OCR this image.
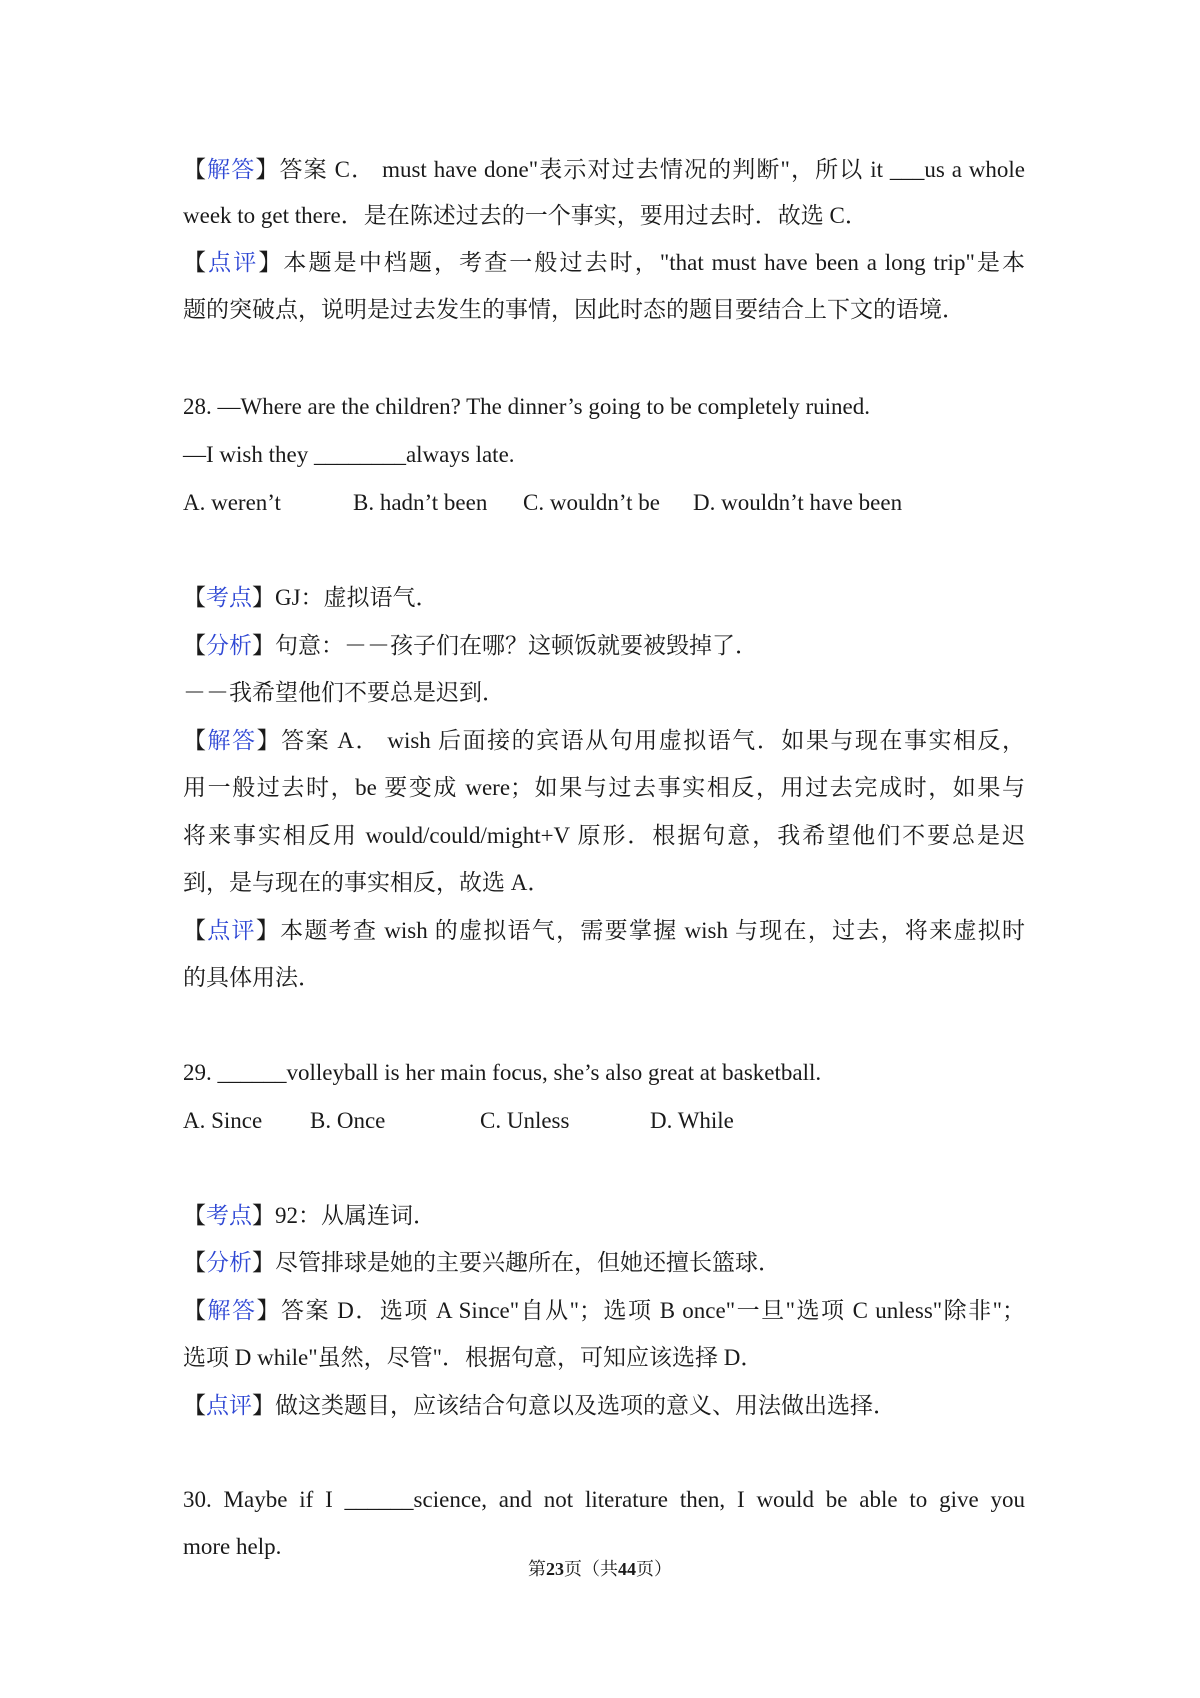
【解答】答案 C． must have done"表示对过去情况的判断"，所以 it ___us a whole
week to get there．是在陈述过去的一个事实，要用过去时．故选 C．
【点评】本题是中档题，考查一般过去时，"that must have been a long trip"是本
题的突破点，说明是过去发生的事情，因此时态的题目要结合上下文的语境．
28. —Where are the children? The dinner’s going to be completely ruined.
—I wish they ________always late.
A. weren’t	B. hadn’t been	C. wouldn’t be	D. wouldn’t have been
【考点】GJ：虚拟语气．
【分析】句意：－－孩子们在哪？这顿饭就要被毁掉了．
－－我希望他们不要总是迟到．
【解答】答案 A． wish 后面接的宾语从句用虚拟语气．如果与现在事实相反，
用一般过去时，be 要变成 were；如果与过去事实相反，用过去完成时，如果与
将来事实相反用 would/could/might+V 原形．根据句意，我希望他们不要总是迟
到，是与现在的事实相反，故选 A．
【点评】本题考查 wish 的虚拟语气，需要掌握 wish 与现在，过去，将来虚拟时
的具体用法．
29. ______volleyball is her main focus, she’s also great at basketball.
A. Since	B. Once	C. Unless	D. While
【考点】92：从属连词．
【分析】尽管排球是她的主要兴趣所在，但她还擅长篮球．
【解答】答案 D．选项 A Since"自从"；选项 B once"一旦"选项 C unless"除非"；
选项 D while"虽然，尽管"．根据句意，可知应该选择 D．
【点评】做这类题目，应该结合句意以及选项的意义、用法做出选择．
30. Maybe if I ______science, and not literature then, I would be able to give you
more help.
第23页（共44页）
